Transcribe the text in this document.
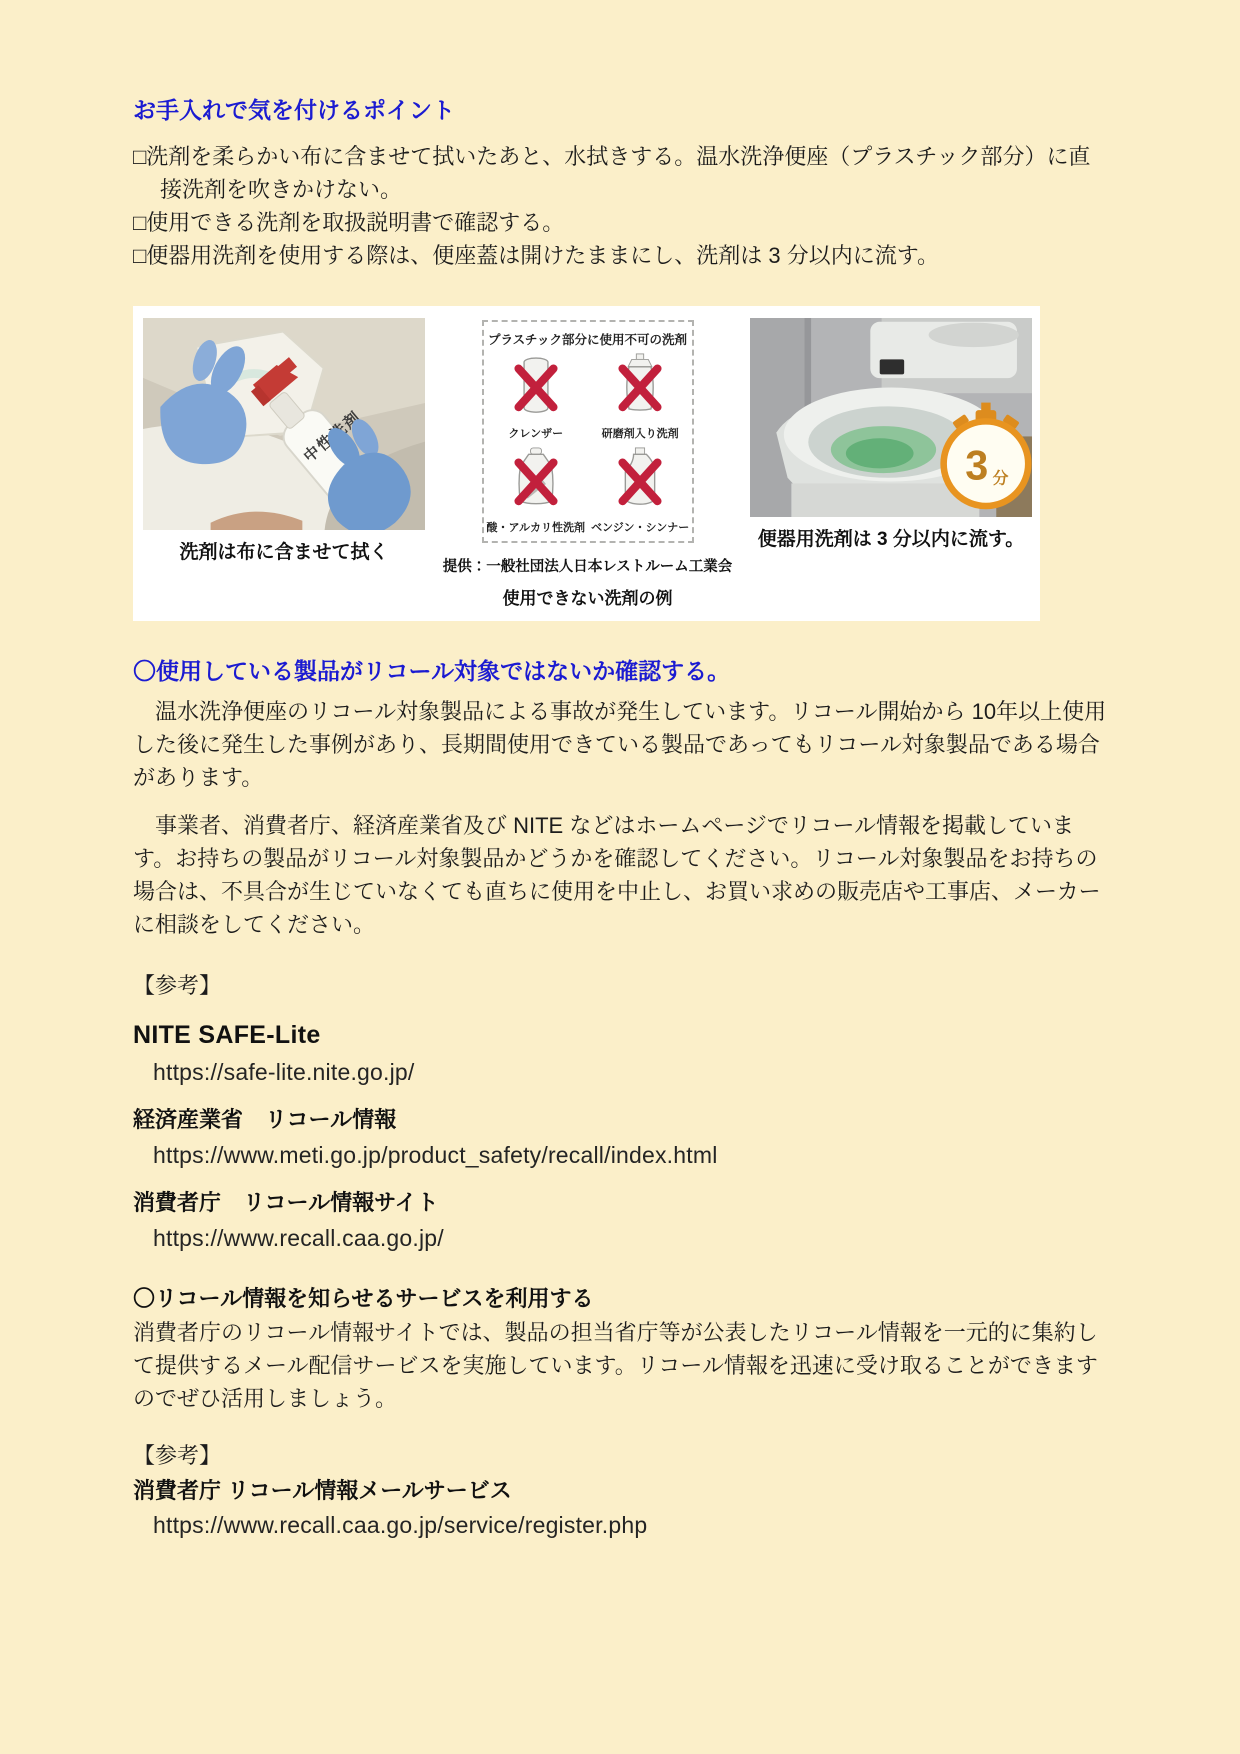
お手入れで気を付けるポイント
□洗剤を柔らかい布に含ませて拭いたあと、水拭きする。温水洗浄便座（プラスチック部分）に直接洗剤を吹きかけない。
□使用できる洗剤を取扱説明書で確認する。
□便器用洗剤を使用する際は、便座蓋は開けたままにし、洗剤は 3 分以内に流す。
洗剤は布に含ませて拭く
プラスチック部分に使用不可の洗剤
クレンザー	研磨剤入り洗剤
酸・アルカリ性洗剤 ベンジン・シンナー
提供：一般社団法人日本レストルーム工業会
使用できない洗剤の例
3 分
便器用洗剤は 3 分以内に流す。
〇使用している製品がリコール対象ではないか確認する。

　温水洗浄便座のリコール対象製品による事故が発生しています。リコール開始から 10年以上使用した後に発生した事例があり、長期間使用できている製品であってもリコール対象製品である場合があります。

　事業者、消費者庁、経済産業省及び NITE などはホームページでリコール情報を掲載しています。お持ちの製品がリコール対象製品かどうかを確認してください。リコール対象製品をお持ちの場合は、不具合が生じていなくても直ちに使用を中止し、お買い求めの販売店や工事店、メーカーに相談をしてください。

【参考】

NITE SAFE-Lite
https://safe-lite.nite.go.jp/
経済産業省　リコール情報
https://www.meti.go.jp/product_safety/recall/index.html
消費者庁　リコール情報サイト
https://www.recall.caa.go.jp/
〇リコール情報を知らせるサービスを利用する

消費者庁のリコール情報サイトでは、製品の担当省庁等が公表したリコール情報を一元的に集約して提供するメール配信サービスを実施しています。リコール情報を迅速に受け取ることができますのでぜひ活用しましょう。

【参考】

消費者庁 リコール情報メールサービス
https://www.recall.caa.go.jp/service/register.php
